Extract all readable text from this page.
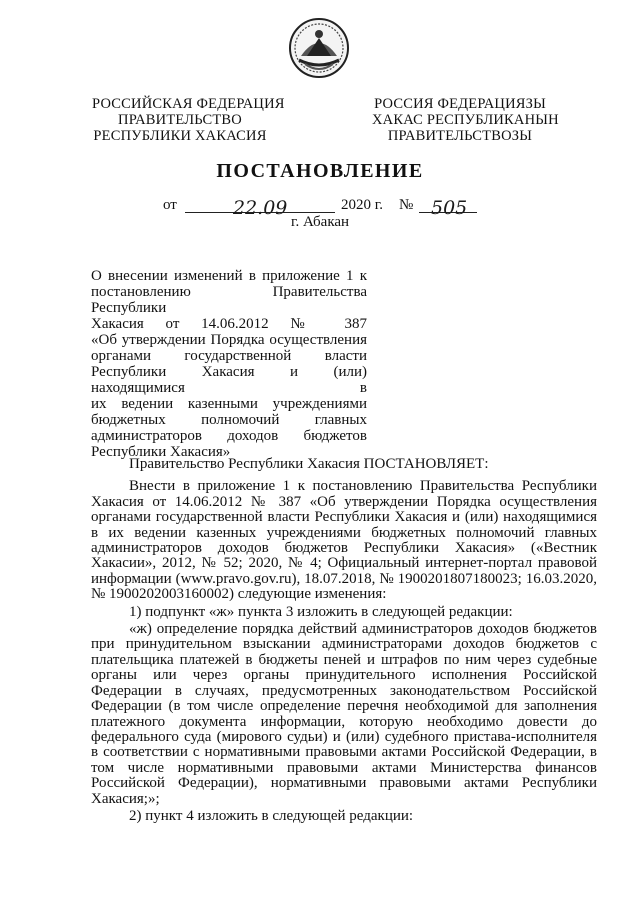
РОССИЙСКАЯ ФЕДЕРАЦИЯ
ПРАВИТЕЛЬСТВО
РЕСПУБЛИКИ ХАКАСИЯ
РОССИЯ ФЕДЕРАЦИЯЗЫ
ХАКАС РЕСПУБЛИКАНЫН
ПРАВИТЕЛЬСТВОЗЫ
ПОСТАНОВЛЕНИЕ
от	22.09	2020 г. № 505
г. Абакан
О внесении изменений в приложение 1 к
постановлению Правительства Республики
Хакасия от 14.06.2012 № 387
«Об утверждении Порядка осуществления
органами государственной власти
Республики Хакасия и (или) находящимися в
их ведении казенными учреждениями
бюджетных полномочий главных
администраторов доходов бюджетов
Республики Хакасия»

Правительство Республики Хакасия ПОСТАНОВЛЯЕТ:

Внести в приложение 1 к постановлению Правительства Республики Хакасия от 14.06.2012 № 387 «Об утверждении Порядка осуществления органами государственной власти Республики Хакасия и (или) находящимися в их ведении казенных учреждениями бюджетных полномочий главных администраторов доходов бюджетов Республики Хакасия» («Вестник Хакасии», 2012, № 52; 2020, № 4; Официальный интернет-портал правовой информации (www.pravo.gov.ru), 18.07.2018, № 1900201807180023; 16.03.2020, № 1900202003160002) следующие изменения:

1) подпункт «ж» пункта 3 изложить в следующей редакции:

«ж) определение порядка действий администраторов доходов бюджетов при принудительном взыскании администраторами доходов бюджетов с плательщика платежей в бюджеты пеней и штрафов по ним через судебные органы или через органы принудительного исполнения Российской Федерации в случаях, предусмотренных законодательством Российской Федерации (в том числе определение перечня необходимой для заполнения платежного документа информации, которую необходимо довести до федерального суда (мирового судьи) и (или) судебного пристава-исполнителя в соответствии с нормативными правовыми актами Российской Федерации, в том числе нормативными правовыми актами Министерства финансов Российской Федерации), нормативными правовыми актами Республики Хакасия;»;

2) пункт 4 изложить в следующей редакции:
